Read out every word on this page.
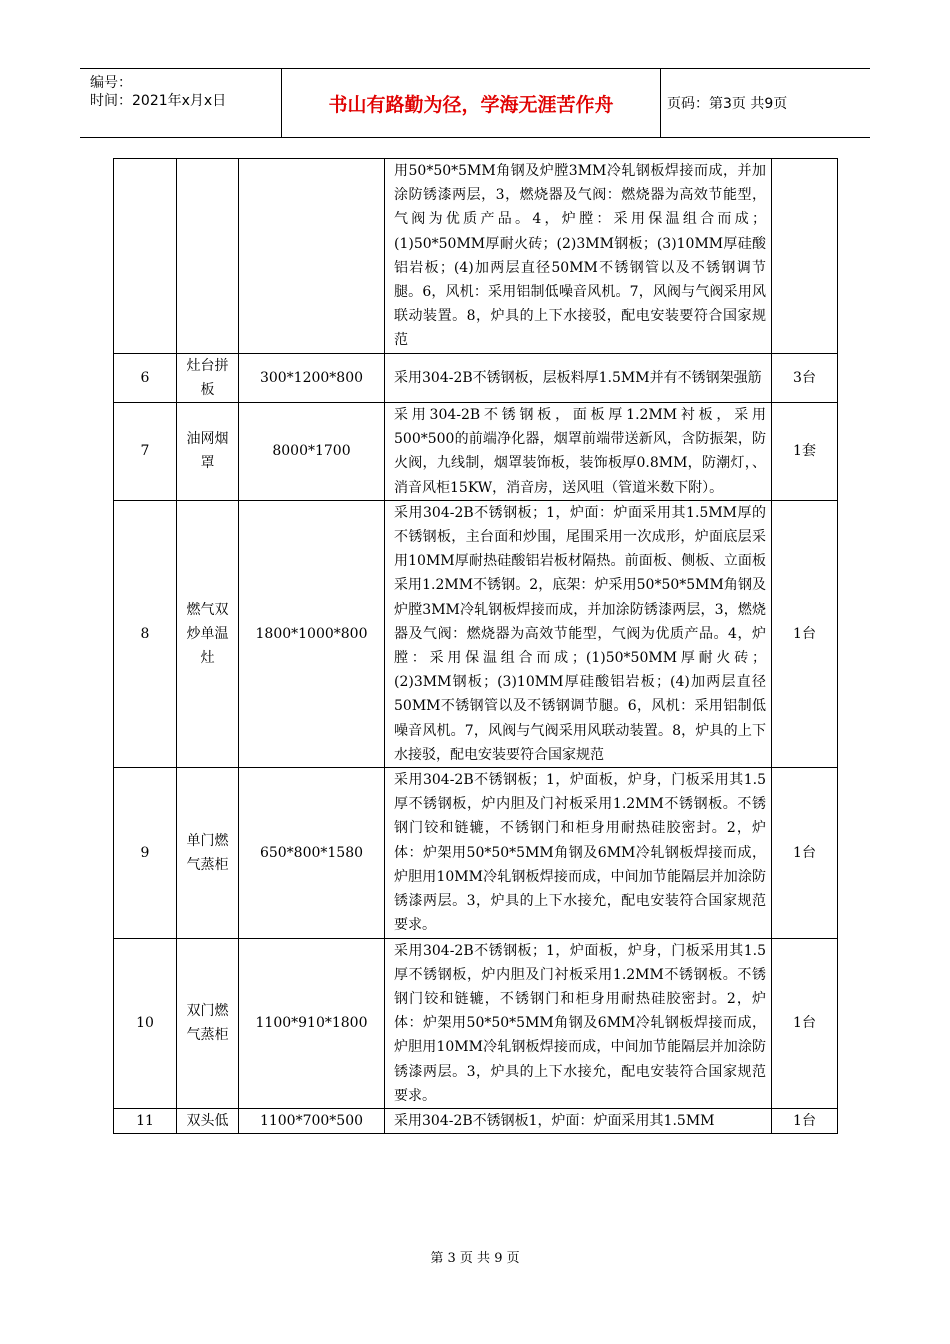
编号：
时间：2021年x月x日	书山有路勤为径，学海无涯苦作舟	页码：第3页 共9页
			用50*50*5MM角钢及炉膛3MM冷轧钢板焊接而成，并加涂防锈漆两层，3，燃烧器及气阀：燃烧器为高效节能型，气阀为优质产品。4，炉膛：采用保温组合而成；(1)50*50MM厚耐火砖；(2)3MM钢板；(3)10MM厚硅酸铝岩板；(4)加两层直径50MM不锈钢管以及不锈钢调节腿。6，风机：采用铝制低噪音风机。7，风阀与气阀采用风联动装置。8，炉具的上下水接驳，配电安装要符合国家规范	
6	灶台拼板	300*1200*800	采用304-2B不锈钢板，层板料厚1.5MM并有不锈钢架强筋	3台
7	油网烟罩	8000*1700	采用304-2B不锈钢板，面板厚1.2MM衬板，采用500*500的前端净化器，烟罩前端带送新风，含防振架，防火阀，九线制，烟罩装饰板，装饰板厚0.8MM，防潮灯，、消音风柜15KW，消音房，送风咀（管道米数下附）。	1套
8	燃气双炒单温灶	1800*1000*800	采用304-2B不锈钢板；1，炉面：炉面采用其1.5MM厚的不锈钢板，主台面和炒围，尾围采用一次成形，炉面底层采用10MM厚耐热硅酸铝岩板材隔热。前面板、侧板、立面板采用1.2MM不锈钢。2，底架：炉采用50*50*5MM角钢及炉膛3MM冷轧钢板焊接而成，并加涂防锈漆两层，3，燃烧器及气阀：燃烧器为高效节能型，气阀为优质产品。4，炉膛：采用保温组合而成；(1)50*50MM厚耐火砖；(2)3MM钢板；(3)10MM厚硅酸铝岩板；(4)加两层直径50MM不锈钢管以及不锈钢调节腿。6，风机：采用铝制低噪音风机。7，风阀与气阀采用风联动装置。8，炉具的上下水接驳，配电安装要符合国家规范	1台
9	单门燃气蒸柜	650*800*1580	采用304-2B不锈钢板；1，炉面板，炉身，门板采用其1.5厚不锈钢板，炉内胆及门衬板采用1.2MM不锈钢板。不锈钢门铰和链辘，不锈钢门和柜身用耐热硅胶密封。2，炉体：炉架用50*50*5MM角钢及6MM冷轧钢板焊接而成，炉胆用10MM冷轧钢板焊接而成，中间加节能隔层并加涂防锈漆两层。3，炉具的上下水接允，配电安装符合国家规范要求。	1台
10	双门燃气蒸柜	1100*910*1800	采用304-2B不锈钢板；1，炉面板，炉身，门板采用其1.5厚不锈钢板，炉内胆及门衬板采用1.2MM不锈钢板。不锈钢门铰和链辘，不锈钢门和柜身用耐热硅胶密封。2，炉体：炉架用50*50*5MM角钢及6MM冷轧钢板焊接而成，炉胆用10MM冷轧钢板焊接而成，中间加节能隔层并加涂防锈漆两层。3，炉具的上下水接允，配电安装符合国家规范要求。	1台
11	双头低	1100*700*500	采用304-2B不锈钢板1，炉面：炉面采用其1.5MM	1台
第 3 页 共 9 页
